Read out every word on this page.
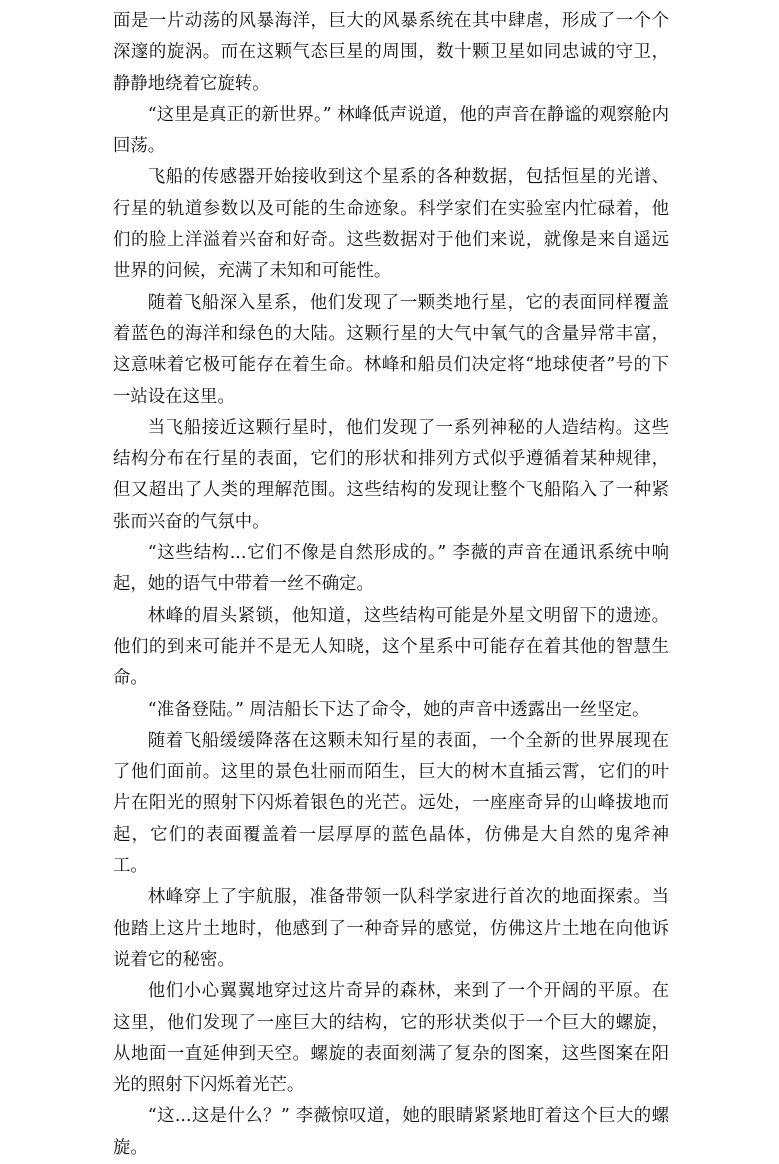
面是一片动荡的风暴海洋，巨大的风暴系统在其中肆虐，形成了一个个深邃的旋涡。而在这颗气态巨星的周围，数十颗卫星如同忠诚的守卫，静静地绕着它旋转。

“这里是真正的新世界。” 林峰低声说道，他的声音在静谧的观察舱内回荡。

飞船的传感器开始接收到这个星系的各种数据，包括恒星的光谱、行星的轨道参数以及可能的生命迹象。科学家们在实验室内忙碌着，他们的脸上洋溢着兴奋和好奇。这些数据对于他们来说，就像是来自遥远世界的问候，充满了未知和可能性。

随着飞船深入星系，他们发现了一颗类地行星，它的表面同样覆盖着蓝色的海洋和绿色的大陆。这颗行星的大气中氧气的含量异常丰富，这意味着它极可能存在着生命。林峰和船员们决定将“地球使者”号的下一站设在这里。

当飞船接近这颗行星时，他们发现了一系列神秘的人造结构。这些结构分布在行星的表面，它们的形状和排列方式似乎遵循着某种规律，但又超出了人类的理解范围。这些结构的发现让整个飞船陷入了一种紧张而兴奋的气氛中。

“这些结构...它们不像是自然形成的。” 李薇的声音在通讯系统中响起，她的语气中带着一丝不确定。

林峰的眉头紧锁，他知道，这些结构可能是外星文明留下的遗迹。他们的到来可能并不是无人知晓，这个星系中可能存在着其他的智慧生命。

“准备登陆。” 周洁船长下达了命令，她的声音中透露出一丝坚定。

随着飞船缓缓降落在这颗未知行星的表面，一个全新的世界展现在了他们面前。这里的景色壮丽而陌生，巨大的树木直插云霄，它们的叶片在阳光的照射下闪烁着银色的光芒。远处，一座座奇异的山峰拔地而起，它们的表面覆盖着一层厚厚的蓝色晶体，仿佛是大自然的鬼斧神工。

林峰穿上了宇航服，准备带领一队科学家进行首次的地面探索。当他踏上这片土地时，他感到了一种奇异的感觉，仿佛这片土地在向他诉说着它的秘密。

他们小心翼翼地穿过这片奇异的森林，来到了一个开阔的平原。在这里，他们发现了一座巨大的结构，它的形状类似于一个巨大的螺旋，从地面一直延伸到天空。螺旋的表面刻满了复杂的图案，这些图案在阳光的照射下闪烁着光芒。

“这...这是什么？” 李薇惊叹道，她的眼睛紧紧地盯着这个巨大的螺旋。
